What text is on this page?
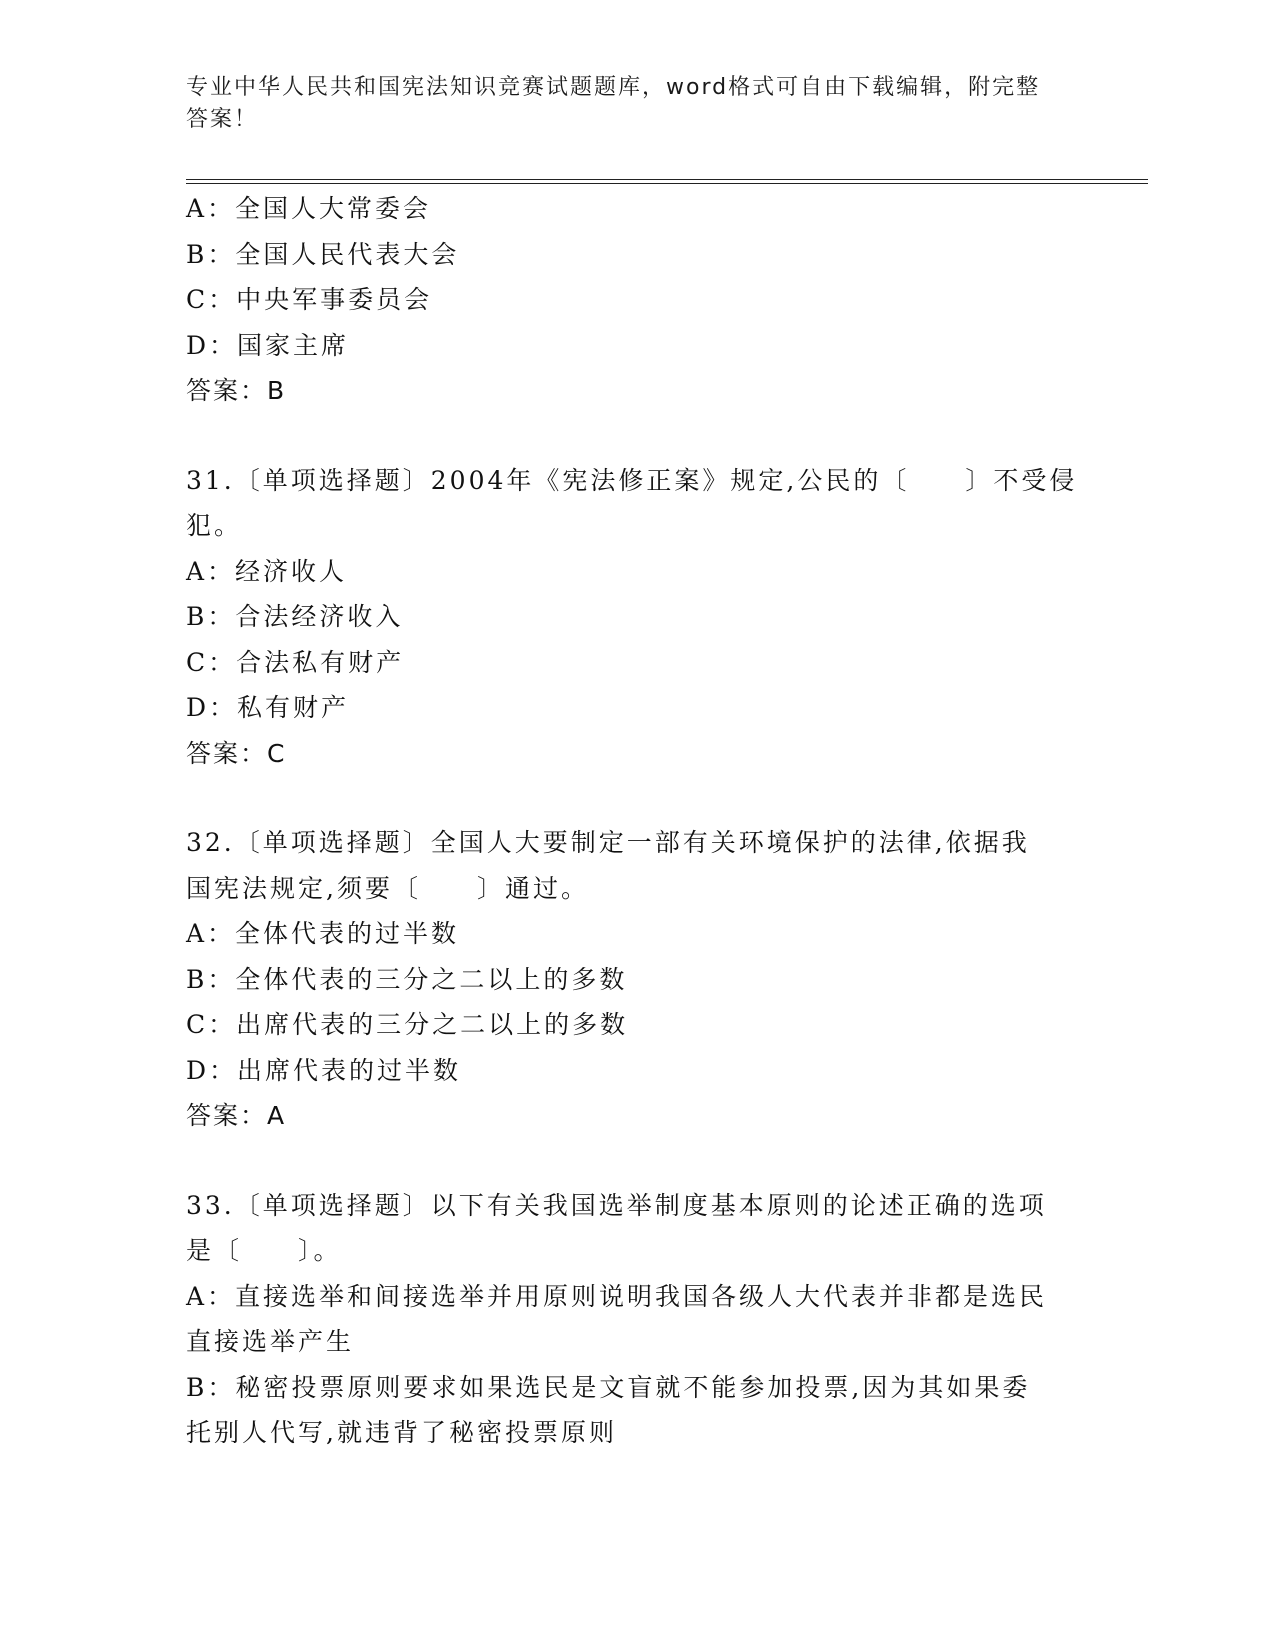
专业中华人民共和国宪法知识竞赛试题题库，word格式可自由下载编辑，附完整
答案！
A：全国人大常委会
B：全国人民代表大会
C：中央军事委员会
D：国家主席
答案：B
31.〔单项选择题〕2004年《宪法修正案》规定,公民的〔　　〕不受侵
犯。
A：经济收人
B：合法经济收入
C：合法私有财产
D：私有财产
答案：C
32.〔单项选择题〕全国人大要制定一部有关环境保护的法律,依据我
国宪法规定,须要〔　　〕通过。
A：全体代表的过半数
B：全体代表的三分之二以上的多数
C：出席代表的三分之二以上的多数
D：出席代表的过半数
答案：A
33.〔单项选择题〕以下有关我国选举制度基本原则的论述正确的选项
是〔　　〕。
A：直接选举和间接选举并用原则说明我国各级人大代表并非都是选民
直接选举产生
B：秘密投票原则要求如果选民是文盲就不能参加投票,因为其如果委
托别人代写,就违背了秘密投票原则
